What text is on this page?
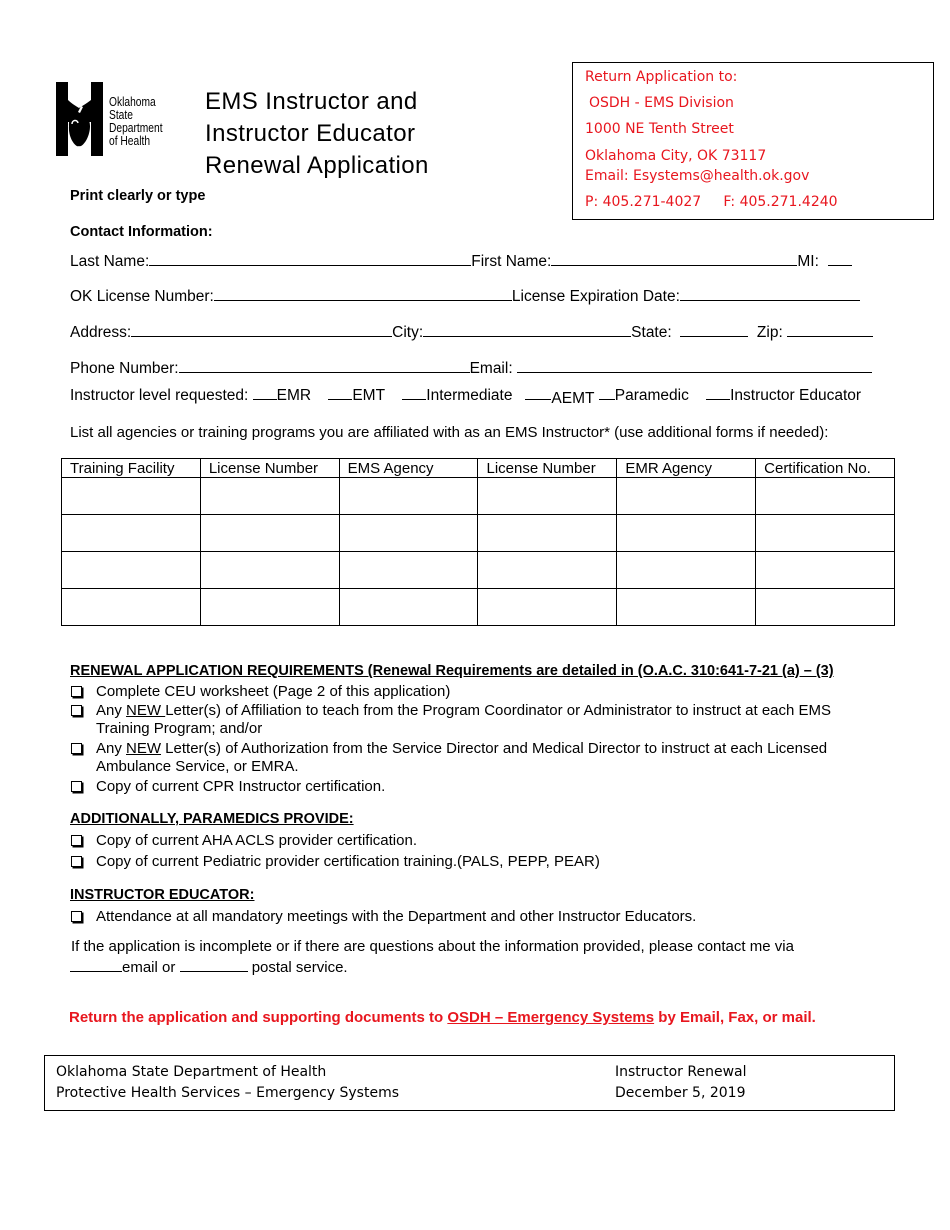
Oklahoma
State
Department
of Health
EMS Instructor and
Instructor Educator
Renewal Application
Return Application to:
OSDH - EMS Division
1000 NE Tenth Street
Oklahoma City, OK 73117
Email: Esystems@health.ok.gov
P: 405.271-4027     F: 405.271.4240
Print clearly or type
Contact Information:
Last Name:	First Name:	MI:
OK License Number:	License Expiration Date:
Address:	City:	State:	Zip:
Phone Number:	Email:
Instructor level requested: EMR	EMT	Intermediate	AEMT Paramedic	Instructor Educator
List all agencies or training programs you are affiliated with as an EMS Instructor* (use additional forms if needed):
Training Facility	License Number	EMS Agency	License Number	EMR Agency	Certification No.

RENEWAL APPLICATION REQUIREMENTS (Renewal Requirements are detailed in (O.A.C. 310:641-7-21 (a) – (3)
Complete CEU worksheet (Page 2 of this application)
Any NEW Letter(s) of Affiliation to teach from the Program Coordinator or Administrator to instruct at each EMS
Training Program; and/or
Any NEW Letter(s) of Authorization from the Service Director and Medical Director to instruct at each Licensed
Ambulance Service, or EMRA.
Copy of current CPR Instructor certification.
ADDITIONALLY, PARAMEDICS PROVIDE:
Copy of current AHA ACLS provider certification.
Copy of current Pediatric provider certification training.(PALS, PEPP, PEAR)
INSTRUCTOR EDUCATOR:
Attendance at all mandatory meetings with the Department and other Instructor Educators.
If the application is incomplete or if there are questions about the information provided, please contact me via
email or	postal service.
Return the application and supporting documents to OSDH – Emergency Systems by Email, Fax, or mail.
Oklahoma State Department of Health
Protective Health Services – Emergency Systems
Instructor Renewal
December 5, 2019
